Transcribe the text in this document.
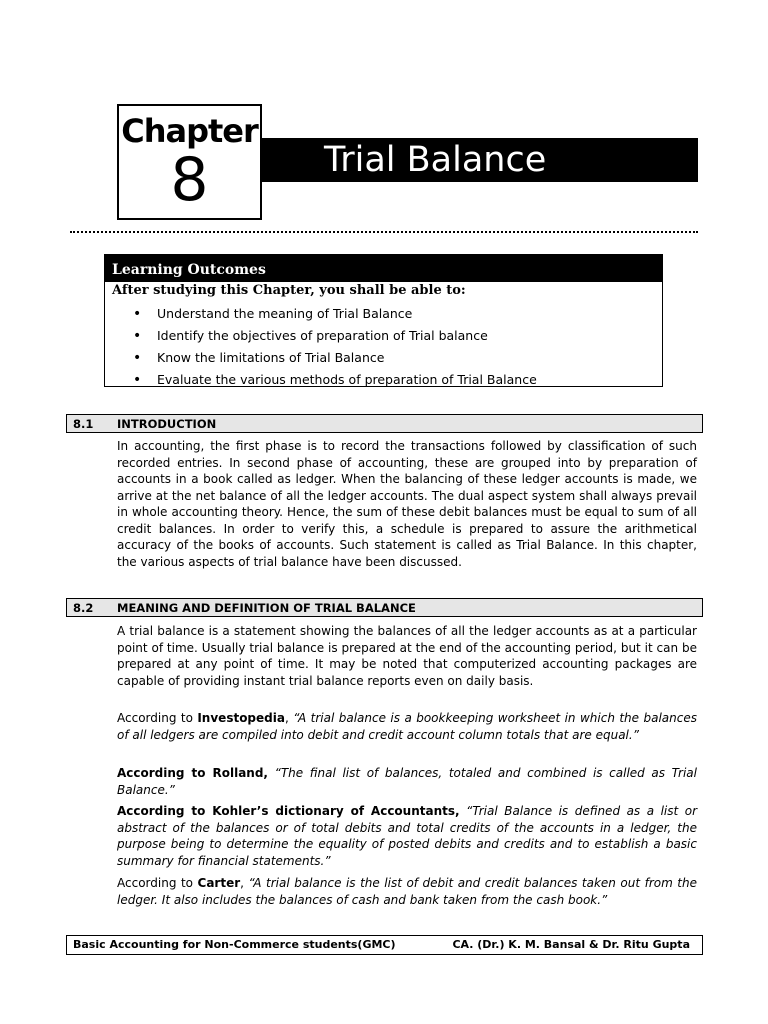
Chapter
8	Trial Balance
Learning Outcomes
After studying this Chapter, you shall be able to:
• Understand the meaning of Trial Balance
• Identify the objectives of preparation of Trial balance
• Know the limitations of Trial Balance
• Evaluate the various methods of preparation of Trial Balance
8.1 INTRODUCTION

In accounting, the first phase is to record the transactions followed by classification of such recorded entries. In second phase of accounting, these are grouped into by preparation of accounts in a book called as ledger. When the balancing of these ledger accounts is made, we arrive at the net balance of all the ledger accounts. The dual aspect system shall always prevail in whole accounting theory. Hence, the sum of these debit balances must be equal to sum of all credit balances. In order to verify this, a schedule is prepared to assure the arithmetical accuracy of the books of accounts. Such statement is called as Trial Balance. In this chapter, the various aspects of trial balance have been discussed.

8.2 MEANING AND DEFINITION OF TRIAL BALANCE

A trial balance is a statement showing the balances of all the ledger accounts as at a particular point of time. Usually trial balance is prepared at the end of the accounting period, but it can be prepared at any point of time. It may be noted that computerized accounting packages are capable of providing instant trial balance reports even on daily basis.

According to Investopedia, “A trial balance is a bookkeeping worksheet in which the balances of all ledgers are compiled into debit and credit account column totals that are equal.”

According to Rolland, “The final list of balances, totaled and combined is called as Trial Balance.”

According to Kohler’s dictionary of Accountants, “Trial Balance is defined as a list or abstract of the balances or of total debits and total credits of the accounts in a ledger, the purpose being to determine the equality of posted debits and credits and to establish a basic summary for financial statements.”

According to Carter, “A trial balance is the list of debit and credit balances taken out from the ledger. It also includes the balances of cash and bank taken from the cash book.”

Basic Accounting for Non-Commerce students(GMC)	CA. (Dr.) K. M. Bansal & Dr. Ritu Gupta
